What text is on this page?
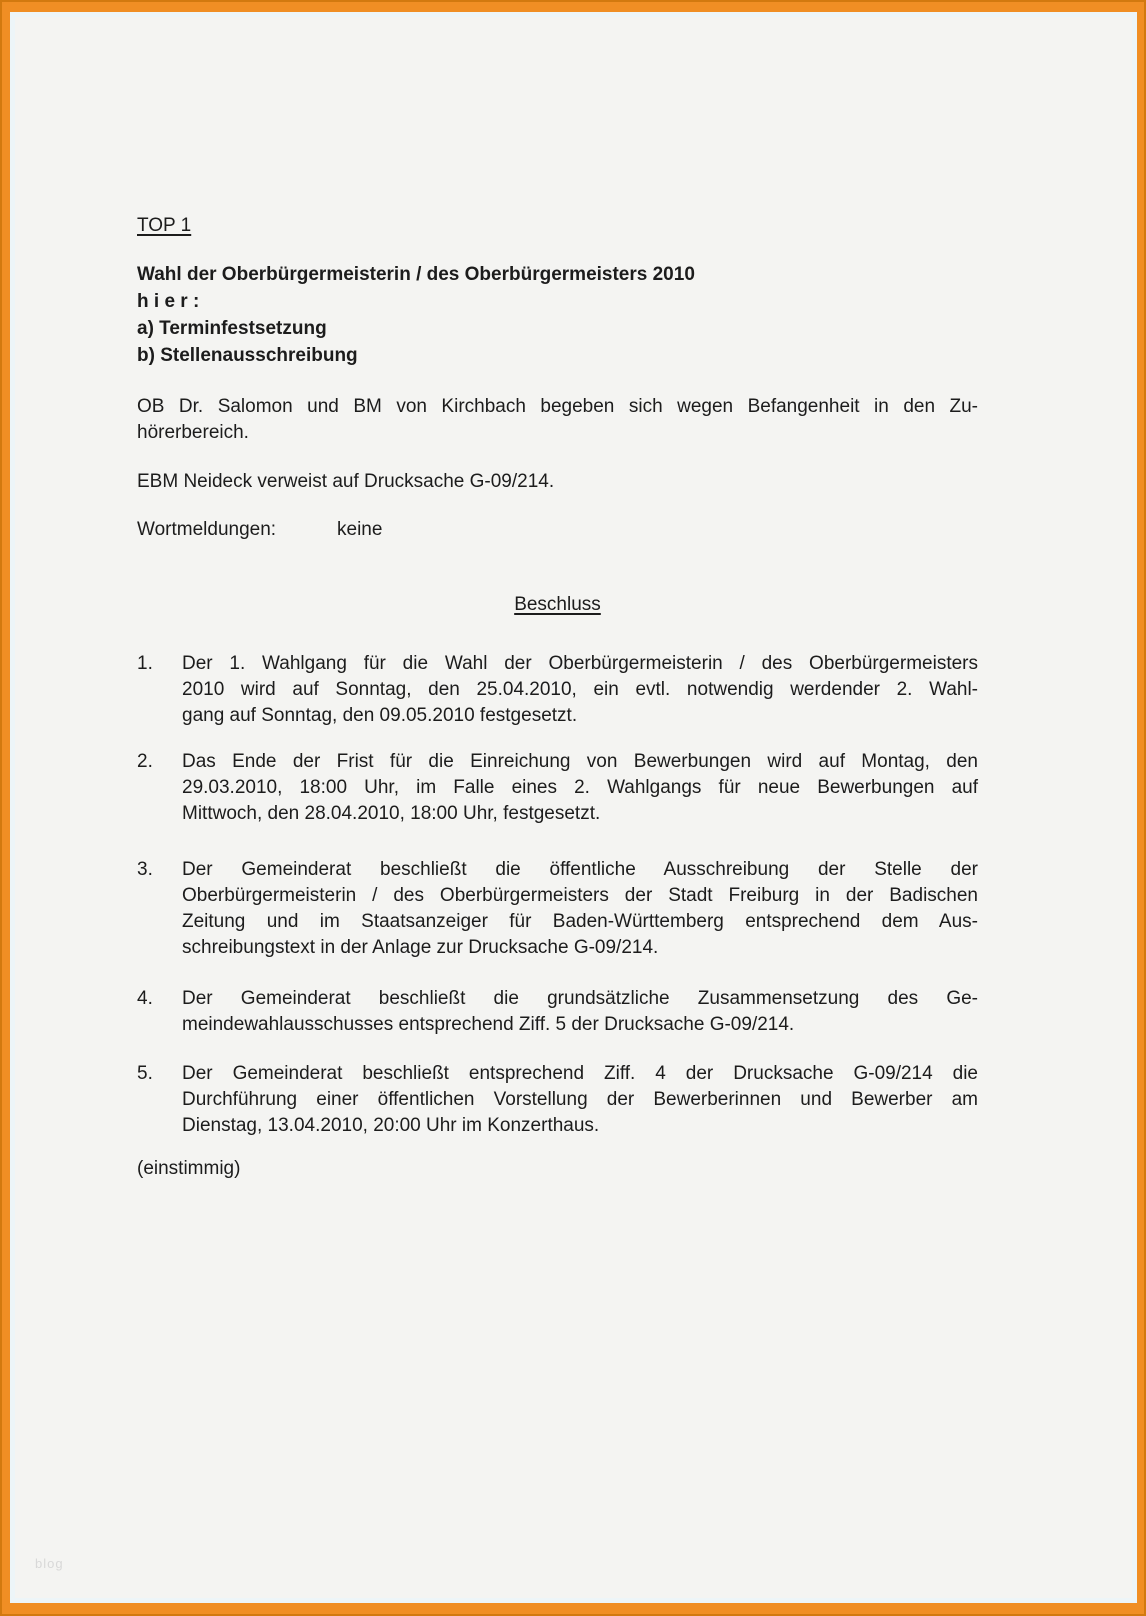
TOP 1
Wahl der Oberbürgermeisterin / des Oberbürgermeisters 2010
h i e r :
a) Terminfestsetzung
b) Stellenausschreibung
OB Dr. Salomon und BM von Kirchbach begeben sich wegen Befangenheit in den Zu-
hörerbereich.
EBM Neideck verweist auf Drucksache G-09/214.
Wortmeldungen:	keine
Beschluss
1.	Der 1. Wahlgang für die Wahl der Oberbürgermeisterin / des Oberbürgermeisters
2010 wird auf Sonntag, den 25.04.2010, ein evtl. notwendig werdender 2. Wahl-
gang auf Sonntag, den 09.05.2010 festgesetzt.
2.	Das Ende der Frist für die Einreichung von Bewerbungen wird auf Montag, den
29.03.2010, 18:00 Uhr, im Falle eines 2. Wahlgangs für neue Bewerbungen auf
Mittwoch, den 28.04.2010, 18:00 Uhr, festgesetzt.
3.	Der Gemeinderat beschließt die öffentliche Ausschreibung der Stelle der
Oberbürgermeisterin / des Oberbürgermeisters der Stadt Freiburg in der Badischen
Zeitung und im Staatsanzeiger für Baden-Württemberg entsprechend dem Aus-
schreibungstext in der Anlage zur Drucksache G-09/214.
4.	Der Gemeinderat beschließt die grundsätzliche Zusammensetzung des Ge-
meindewahlausschusses entsprechend Ziff. 5 der Drucksache G-09/214.
5.	Der Gemeinderat beschließt entsprechend Ziff. 4 der Drucksache G-09/214 die
Durchführung einer öffentlichen Vorstellung der Bewerberinnen und Bewerber am
Dienstag, 13.04.2010, 20:00 Uhr im Konzerthaus.
(einstimmig)
blog
